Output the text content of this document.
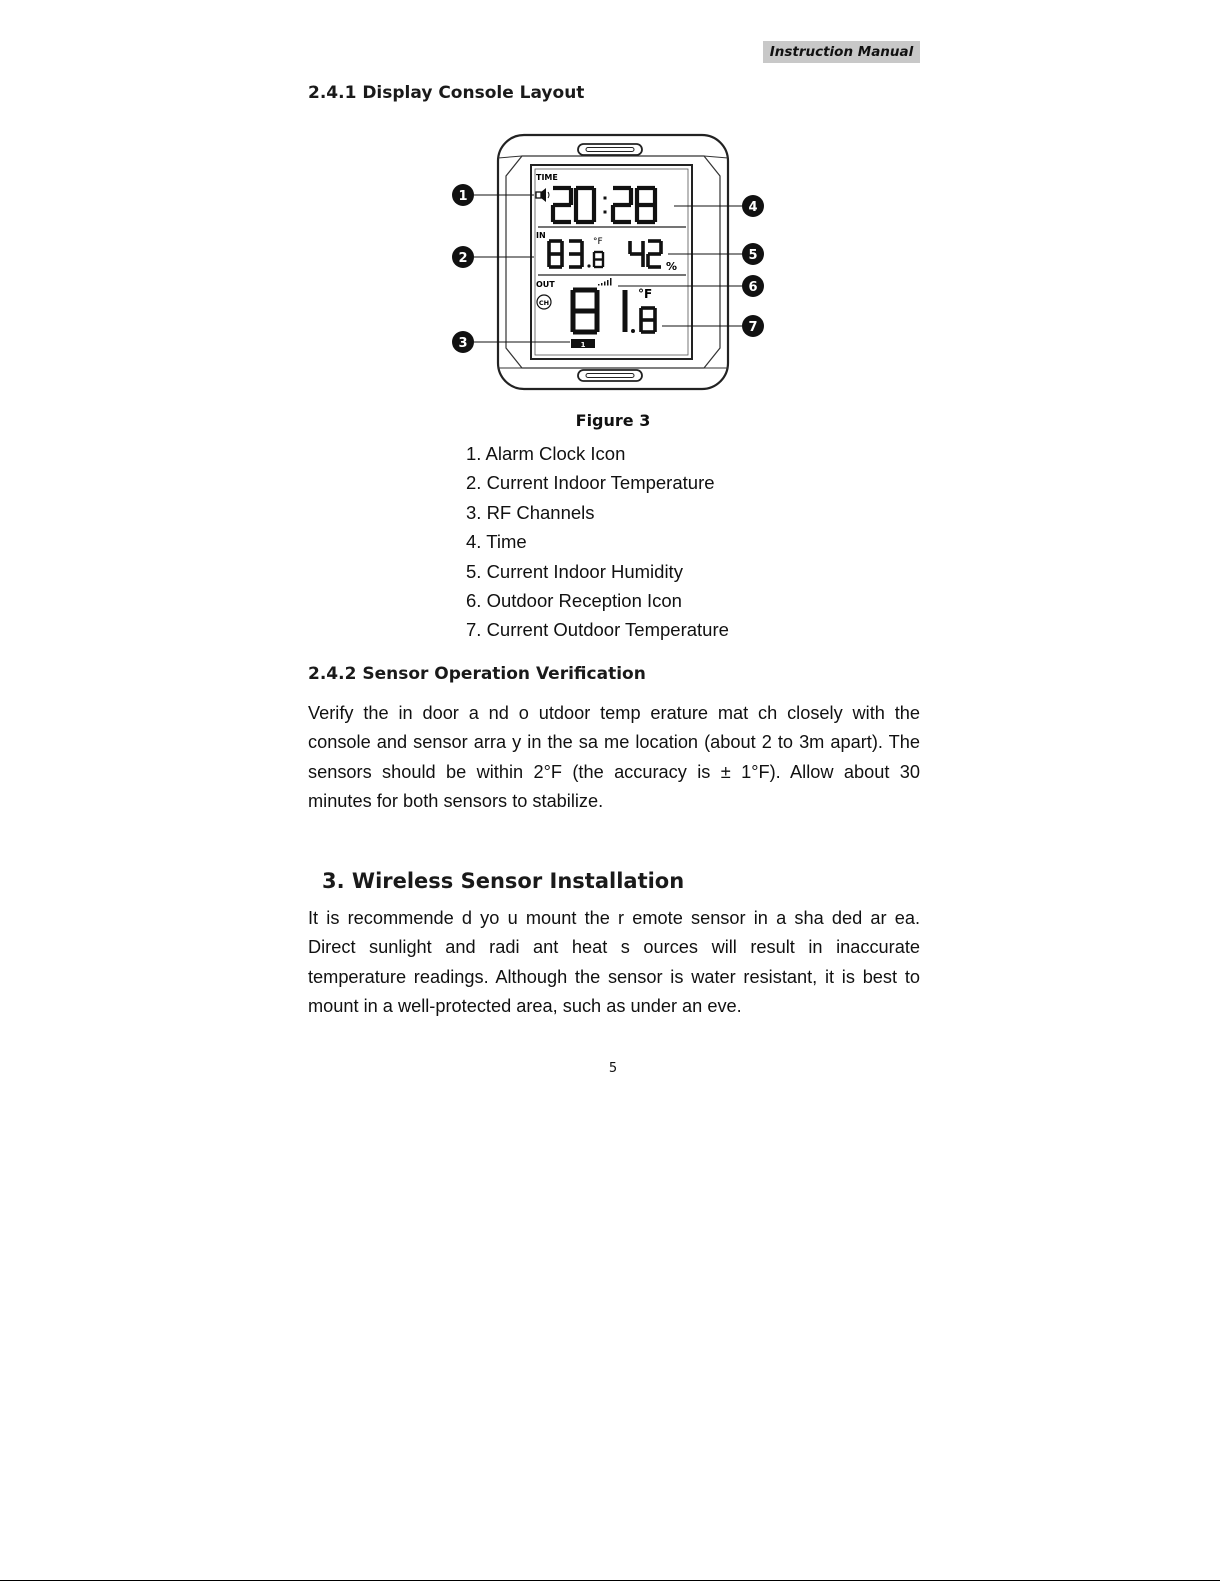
Instruction Manual
2.4.1 Display Console Layout
TIME
IN
°F
%
OUT
CH
°F
1
1
2
3
4
5
6
7
Figure 3
1. Alarm Clock Icon
2. Current Indoor Temperature
3. RF Channels
4. Time
5. Current Indoor Humidity
6. Outdoor Reception Icon
7. Current Outdoor Temperature
2.4.2 Sensor Operation Verification

Verify the in door a nd o utdoor temp erature mat ch closely with the console and sensor arra y in the sa me location (about 2 to 3m apart). The sensors should be within 2°F (the accuracy is ± 1°F). Allow about 30 minutes for both sensors to stabilize.

3. Wireless Sensor Installation

It is recommende d yo u mount the r emote sensor in a sha ded ar ea. Direct sunlight and radi ant heat s ources will result in inaccurate temperature readings. Although the sensor is water resistant, it is best to mount in a well-protected area, such as under an eve.

5
